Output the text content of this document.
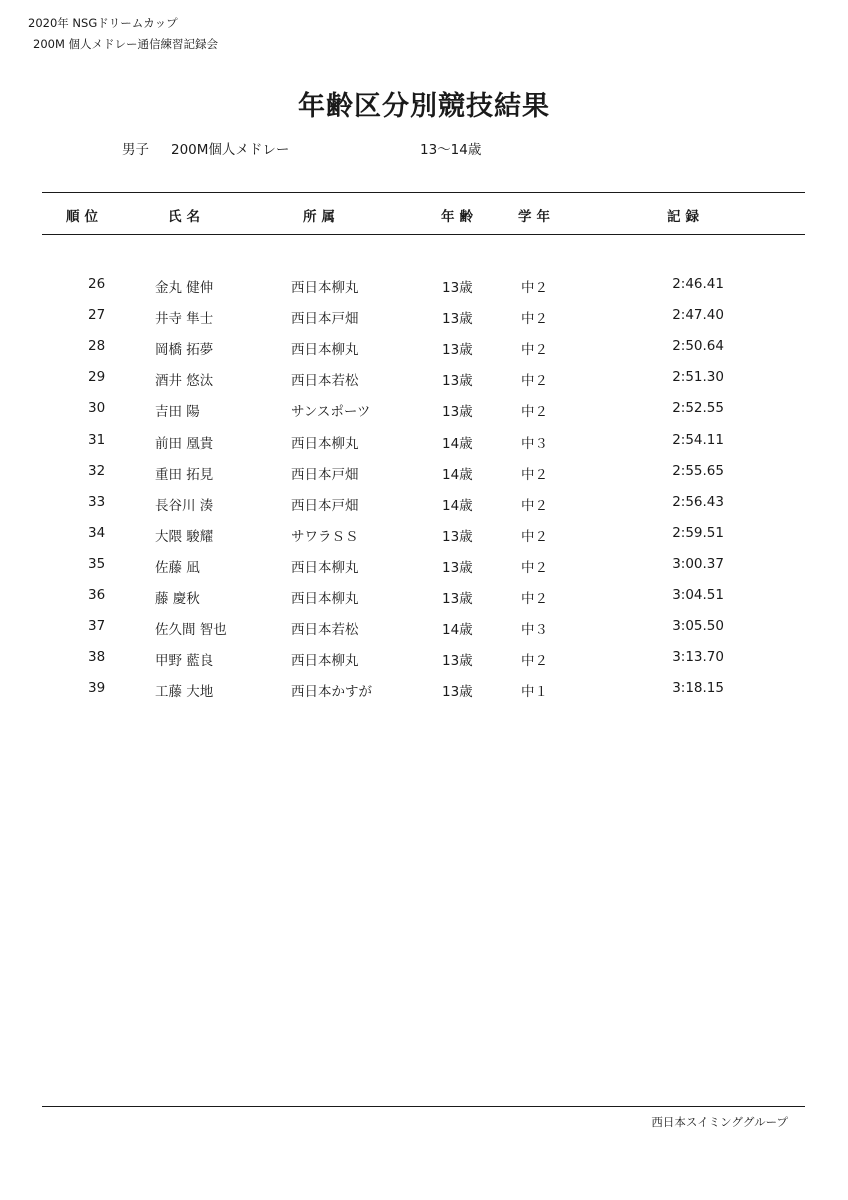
2020年 NSGドリームカップ
200M 個人メドレー通信練習記録会
年齢区分別競技結果
男子 200M個人メドレー	13～14歳
順位	氏名	所属	年齢	学年	記録
26	金丸 健伸	西日本柳丸	13歳	中２	2:46.41
27	井寺 隼士	西日本戸畑	13歳	中２	2:47.40
28	岡橋 拓夢	西日本柳丸	13歳	中２	2:50.64
29	酒井 悠汰	西日本若松	13歳	中２	2:51.30
30	吉田 陽	サンスポーツ	13歳	中２	2:52.55
31	前田 凰貴	西日本柳丸	14歳	中３	2:54.11
32	重田 拓見	西日本戸畑	14歳	中２	2:55.65
33	長谷川 湊	西日本戸畑	14歳	中２	2:56.43
34	大隈 駿耀	サワラＳＳ	13歳	中２	2:59.51
35	佐藤 凪	西日本柳丸	13歳	中２	3:00.37
36	藤 慶秋	西日本柳丸	13歳	中２	3:04.51
37	佐久間 智也	西日本若松	14歳	中３	3:05.50
38	甲野 藍良	西日本柳丸	13歳	中２	3:13.70
39	工藤 大地	西日本かすが	13歳	中１	3:18.15
西日本スイミンググループ
